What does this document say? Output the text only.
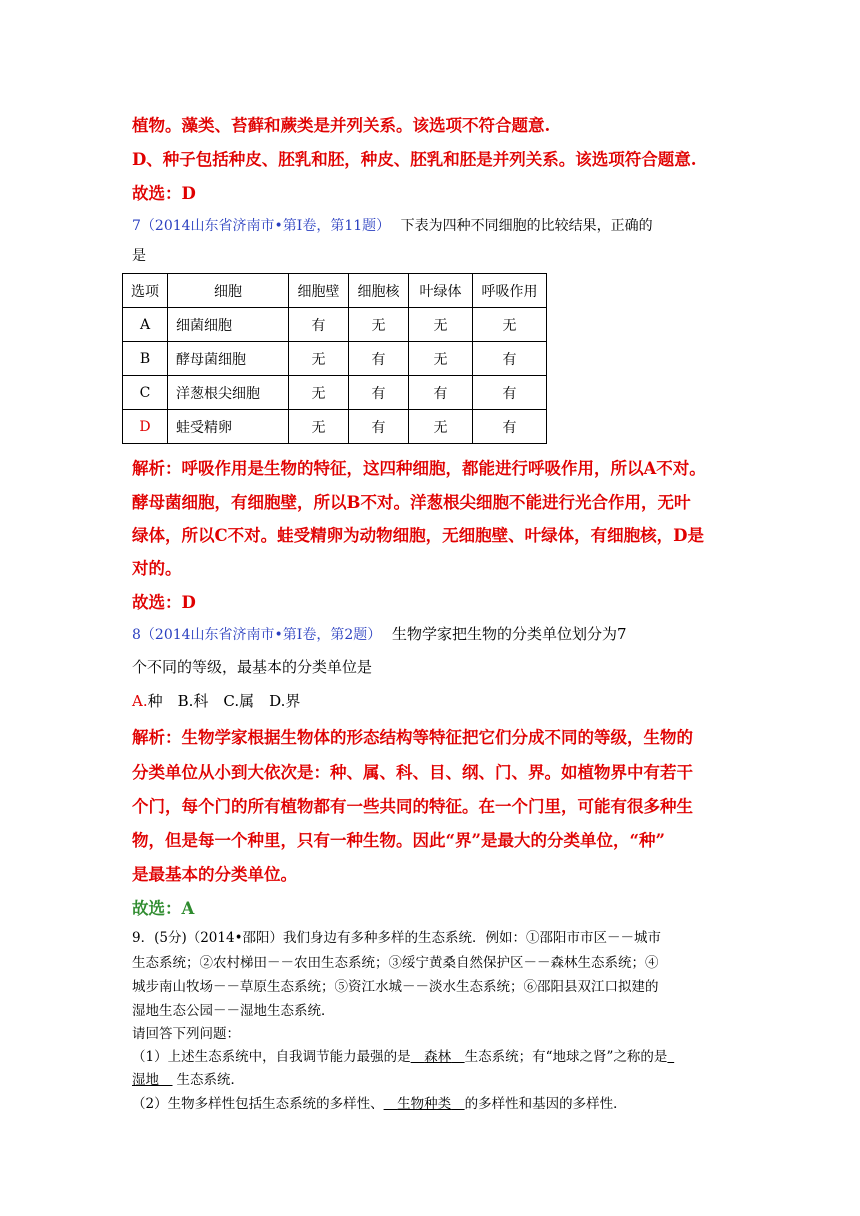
植物。藻类、苔藓和蕨类是并列关系。该选项不符合题意.
D、种子包括种皮、胚乳和胚，种皮、胚乳和胚是并列关系。该选项符合题意.
故选：D
7（2014山东省济南市•第Ⅰ卷，第11题） 下表为四种不同细胞的比较结果，正确的
是
选项	细胞	细胞壁	细胞核	叶绿体	呼吸作用
A	细菌细胞	有	无	无	无
B	酵母菌细胞	无	有	无	有
C	洋葱根尖细胞	无	有	有	有
D	蛙受精卵	无	有	无	有
解析：呼吸作用是生物的特征，这四种细胞，都能进行呼吸作用，所以A不对。
酵母菌细胞，有细胞壁，所以B不对。洋葱根尖细胞不能进行光合作用，无叶
绿体，所以C不对。蛙受精卵为动物细胞，无细胞壁、叶绿体，有细胞核，D是
对的。
故选：D
8（2014山东省济南市•第Ⅰ卷，第2题） 生物学家把生物的分类单位划分为7
个不同的等级，最基本的分类单位是
A.种　B.科　C.属　D.界
解析：生物学家根据生物体的形态结构等特征把它们分成不同的等级，生物的
分类单位从小到大依次是：种、属、科、目、纲、门、界。如植物界中有若干
个门，每个门的所有植物都有一些共同的特征。在一个门里，可能有很多种生
物，但是每一个种里，只有一种生物。因此“界”是最大的分类单位，“种”
是最基本的分类单位。
故选：A
9．(5分)（2014•邵阳）我们身边有多种多样的生态系统．例如：①邵阳市市区－－城市
生态系统；②农村梯田－－农田生态系统；③绥宁黄桑自然保护区－－森林生态系统；④
城步南山牧场－－草原生态系统；⑤资江水城－－淡水生态系统；⑥邵阳县双江口拟建的
湿地生态公园－－湿地生态系统．
请回答下列问题：
（1）上述生态系统中，自我调节能力最强的是   森林   生态系统；有“地球之肾”之称的是 
湿地   生态系统．
（2）生物多样性包括生态系统的多样性、   生物种类   的多样性和基因的多样性．
